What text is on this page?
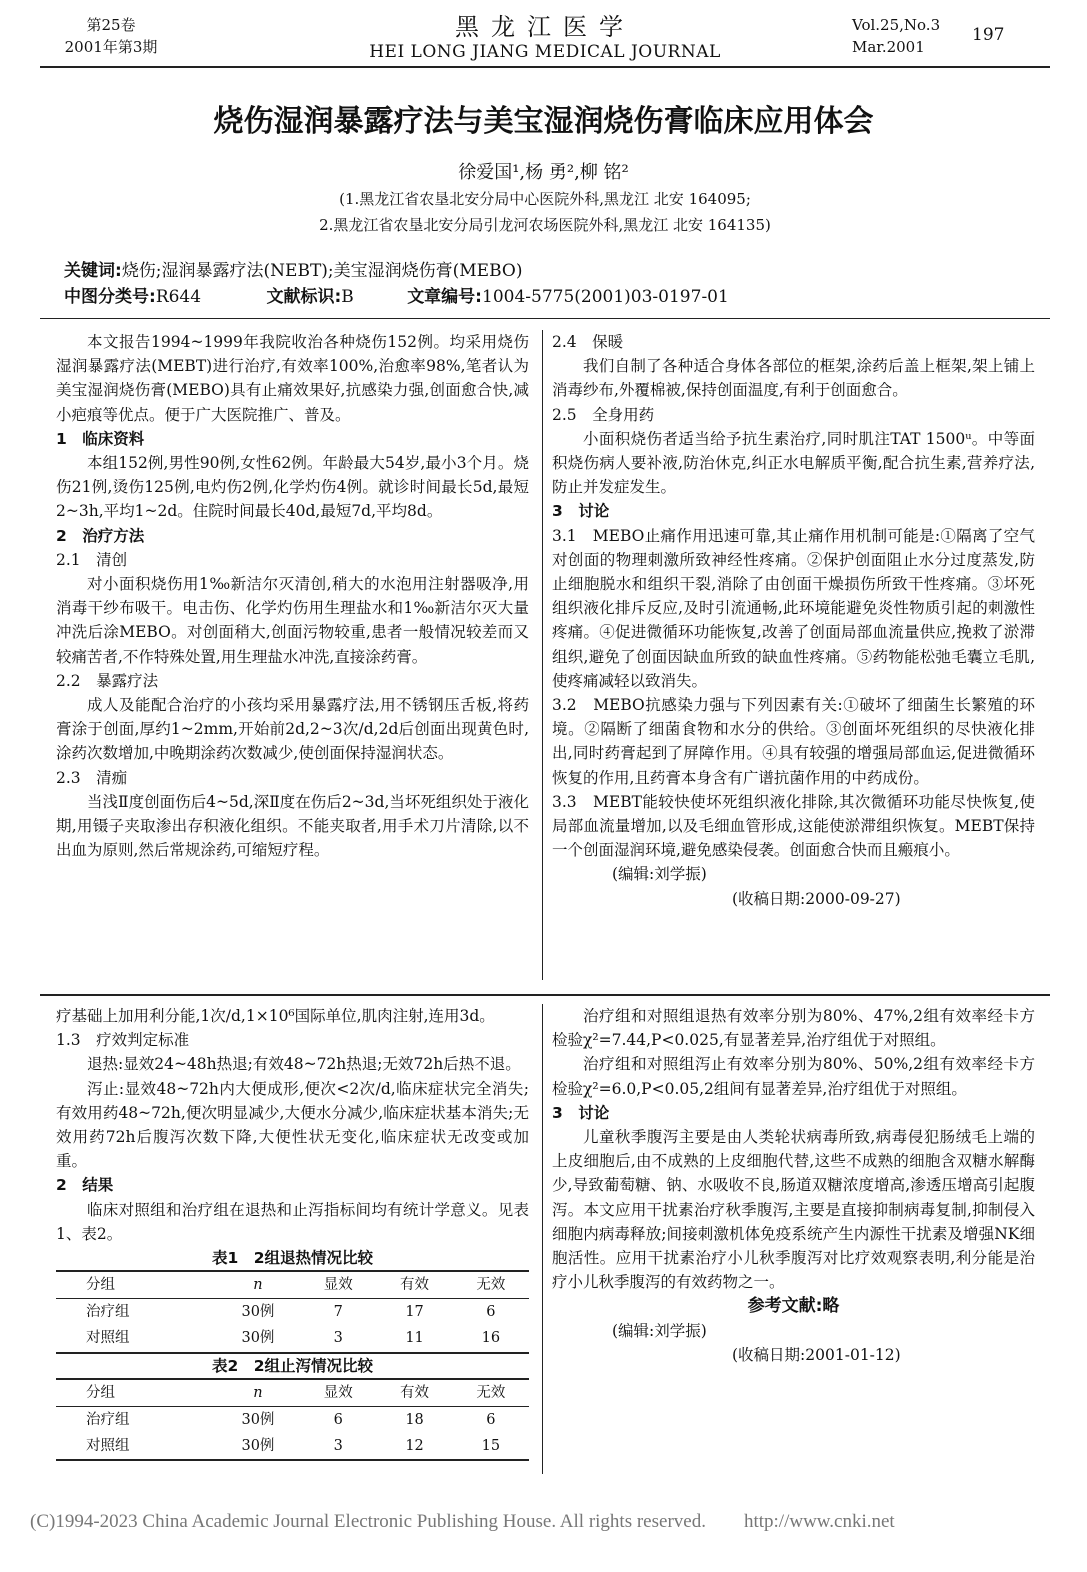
第25卷
2001年第3期
黑龙江医学
HEI LONG JIANG MEDICAL JOURNAL
Vol.25,No.3
Mar.2001
197
烧伤湿润暴露疗法与美宝湿润烧伤膏临床应用体会
徐爱国¹,杨 勇²,柳 铭²
(1.黑龙江省农垦北安分局中心医院外科,黑龙江 北安 164095;
2.黑龙江省农垦北安分局引龙河农场医院外科,黑龙江 北安 164135)
关键词:烧伤;湿润暴露疗法(NEBT);美宝湿润烧伤膏(MEBO)
中图分类号:R644	文献标识:B	文章编号:1004-5775(2001)03-0197-01

本文报告1994~1999年我院收治各种烧伤152例。均采用烧伤湿润暴露疗法(MEBT)进行治疗,有效率100%,治愈率98%,笔者认为美宝湿润烧伤膏(MEBO)具有止痛效果好,抗感染力强,创面愈合快,减小疤痕等优点。便于广大医院推广、普及。

1　临床资料

本组152例,男性90例,女性62例。年龄最大54岁,最小3个月。烧伤21例,烫伤125例,电灼伤2例,化学灼伤4例。就诊时间最长5d,最短2~3h,平均1~2d。住院时间最长40d,最短7d,平均8d。

2　治疗方法

2.1　清创

对小面积烧伤用1‰新洁尔灭清创,稍大的水泡用注射器吸净,用消毒干纱布吸干。电击伤、化学灼伤用生理盐水和1‰新洁尔灭大量冲洗后涂MEBO。对创面稍大,创面污物较重,患者一般情况较差而又较痛苦者,不作特殊处置,用生理盐水冲洗,直接涂药膏。

2.2　暴露疗法

成人及能配合治疗的小孩均采用暴露疗法,用不锈钢压舌板,将药膏涂于创面,厚约1~2mm,开始前2d,2~3次/d,2d后创面出现黄色时,涂药次数增加,中晚期涂药次数减少,使创面保持湿润状态。

2.3　清痂

当浅Ⅱ度创面伤后4~5d,深Ⅱ度在伤后2~3d,当坏死组织处于液化期,用镊子夹取渗出存积液化组织。不能夹取者,用手术刀片清除,以不出血为原则,然后常规涂药,可缩短疗程。

2.4　保暖

我们自制了各种适合身体各部位的框架,涂药后盖上框架,架上铺上消毒纱布,外覆棉被,保持创面温度,有利于创面愈合。

2.5　全身用药

小面积烧伤者适当给予抗生素治疗,同时肌注TAT 1500ᵘ。中等面积烧伤病人要补液,防治休克,纠正水电解质平衡,配合抗生素,营养疗法,防止并发症发生。

3　讨论

3.1　MEBO止痛作用迅速可靠,其止痛作用机制可能是:①隔离了空气对创面的物理刺激所致神经性疼痛。②保护创面阻止水分过度蒸发,防止细胞脱水和组织干裂,消除了由创面干燥损伤所致干性疼痛。③坏死组织液化排斥反应,及时引流通畅,此环境能避免炎性物质引起的刺激性疼痛。④促进微循环功能恢复,改善了创面局部血流量供应,挽救了淤滞组织,避免了创面因缺血所致的缺血性疼痛。⑤药物能松弛毛囊立毛肌,使疼痛减轻以致消失。

3.2　MEBO抗感染力强与下列因素有关:①破坏了细菌生长繁殖的环境。②隔断了细菌食物和水分的供给。③创面坏死组织的尽快液化排出,同时药膏起到了屏障作用。④具有较强的增强局部血运,促进微循环恢复的作用,且药膏本身含有广谱抗菌作用的中药成份。

3.3　MEBT能较快使坏死组织液化排除,其次微循环功能尽快恢复,使局部血流量增加,以及毛细血管形成,这能使淤滞组织恢复。MEBT保持一个创面湿润环境,避免感染侵袭。创面愈合快而且瘢痕小。

(编辑:刘学振)

(收稿日期:2000-09-27)

疗基础上加用利分能,1次/d,1×10⁶国际单位,肌肉注射,连用3d。

1.3　疗效判定标准

退热:显效24~48h热退;有效48~72h热退;无效72h后热不退。

泻止:显效48~72h内大便成形,便次<2次/d,临床症状完全消失;有效用药48~72h,便次明显减少,大便水分减少,临床症状基本消失;无效用药72h后腹泻次数下降,大便性状无变化,临床症状无改变或加重。

2　结果

临床对照组和治疗组在退热和止泻指标间均有统计学意义。见表1、表2。

表1　2组退热情况比较
分组	n	显效	有效	无效
治疗组	30例	7	17	6
对照组	30例	3	11	16
表2　2组止泻情况比较
分组	n	显效	有效	无效
治疗组	30例	6	18	6
对照组	30例	3	12	15

治疗组和对照组退热有效率分别为80%、47%,2组有效率经卡方检验χ²=7.44,P<0.025,有显著差异,治疗组优于对照组。

治疗组和对照组泻止有效率分别为80%、50%,2组有效率经卡方检验χ²=6.0,P<0.05,2组间有显著差异,治疗组优于对照组。

3　讨论

儿童秋季腹泻主要是由人类轮状病毒所致,病毒侵犯肠绒毛上端的上皮细胞后,由不成熟的上皮细胞代替,这些不成熟的细胞含双糖水解酶少,导致葡萄糖、钠、水吸收不良,肠道双糖浓度增高,渗透压增高引起腹泻。本文应用干扰素治疗秋季腹泻,主要是直接抑制病毒复制,抑制侵入细胞内病毒释放;间接刺激机体免疫系统产生内源性干扰素及增强NK细胞活性。应用干扰素治疗小儿秋季腹泻对比疗效观察表明,利分能是治疗小儿秋季腹泻的有效药物之一。

参考文献:略

(编辑:刘学振)

(收稿日期:2001-01-12)

(C)1994-2023 China Academic Journal Electronic Publishing House. All rights reserved.　　http://www.cnki.net
